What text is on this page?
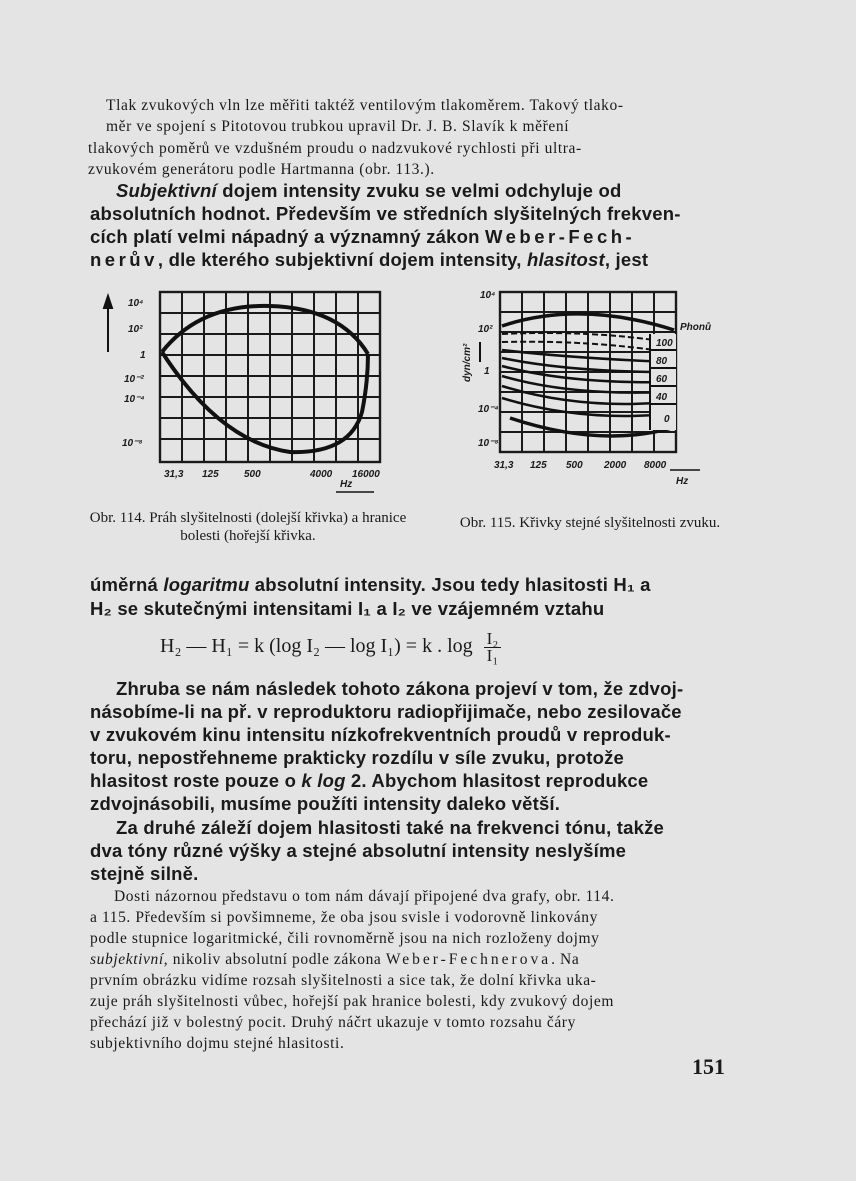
Tlak zvukových vln lze měřiti taktéž ventilovým tlakoměrem. Takový tlako-

měr ve spojení s Pitotovou trubkou upravil Dr. J. B. Slavík k měření

tlakových poměrů ve vzdušném proudu o nadzvukové rychlosti při ultra-

zvukovém generátoru podle Hartmanna (obr. 113.).

Subjektivní dojem intensity zvuku se velmi odchyluje od

absolutních hodnot. Především ve středních slyšitelných frekven-

cích platí velmi nápadný a významný zákon Weber-Fech-

nerův, dle kterého subjektivní dojem intensity, hlasitost, jest

10⁴
10²
1
10⁻²
10⁻⁴
10⁻⁸
31,3 125	500	4000 16000
Hz

Obr. 114. Práh slyšitelnosti (dolejší křivka) a hranice bolesti (hořejší křivka.

Phonů
100
80
60
40
0
10⁴
10²
1
10⁻⁴
10⁻⁸
dyn/cm²
31,3 125 500 2000 8000
Hz

Obr. 115. Křivky stejné slyšitelnosti zvuku.

úměrná logaritmu absolutní intensity. Jsou tedy hlasitosti H₁ a

H₂ se skutečnými intensitami I₁ a I₂ ve vzájemném vztahu

H₂ — H₁ = k (log I₂ — log I₁) = k . $\log \frac{\text{I₂}}{\text{I₁}}$

Zhruba se nám následek tohoto zákona projeví v tom, že zdvoj-

násobíme-li na př. v reproduktoru radiopřijimače, nebo zesilovače

v zvukovém kinu intensitu nízkofrekventních proudů v reproduk-

toru, nepostřehneme prakticky rozdílu v síle zvuku, protože

hlasitost roste pouze o k log 2. Abychom hlasitost reprodukce

zdvojnásobili, musíme použíti intensity daleko větší.

Za druhé záleží dojem hlasitosti také na frekvenci tónu, takže

dva tóny různé výšky a stejné absolutní intensity neslyšíme

stejně silně.

Dosti názornou představu o tom nám dávají připojené dva grafy, obr. 114.

a 115. Především si povšimneme, že oba jsou svisle i vodorovně linkovány

podle stupnice logaritmické, čili rovnoměrně jsou na nich rozloženy dojmy

subjektivní, nikoliv absolutní podle zákona Weber-Fechnerova. Na

prvním obrázku vidíme rozsah slyšitelnosti a sice tak, že dolní křivka uka-

zuje práh slyšitelnosti vůbec, hořejší pak hranice bolesti, kdy zvukový dojem

přechází již v bolestný pocit. Druhý náčrt ukazuje v tomto rozsahu čáry

subjektivního dojmu stejné hlasitosti.

151
